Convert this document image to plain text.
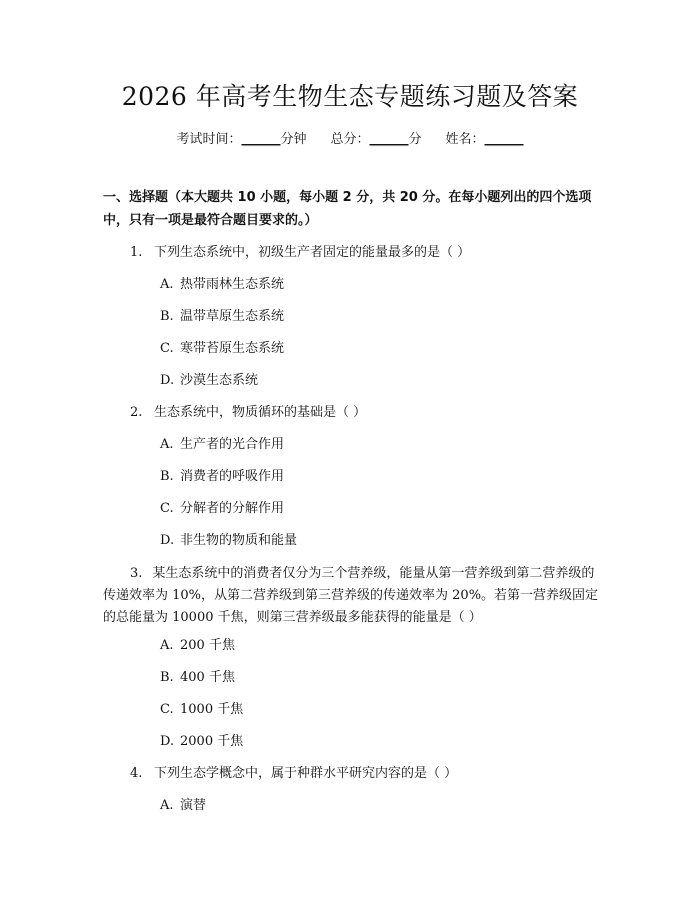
2026 年高考生物生态专题练习题及答案
考试时间：______分钟 总分：______分 姓名：______
一、选择题（本大题共 10 小题，每小题 2 分，共 20 分。在每小题列出的四个选项中，只有一项是最符合题目要求的。）
1. 下列生态系统中，初级生产者固定的能量最多的是（ ）
A. 热带雨林生态系统
B. 温带草原生态系统
C. 寒带苔原生态系统
D. 沙漠生态系统
2. 生态系统中，物质循环的基础是（ ）
A. 生产者的光合作用
B. 消费者的呼吸作用
C. 分解者的分解作用
D. 非生物的物质和能量
3. 某生态系统中的消费者仅分为三个营养级，能量从第一营养级到第二营养级的传递效率为 10%，从第二营养级到第三营养级的传递效率为 20%。若第一营养级固定的总能量为 10000 千焦，则第三营养级最多能获得的能量是（ ）
A. 200 千焦
B. 400 千焦
C. 1000 千焦
D. 2000 千焦
4. 下列生态学概念中，属于种群水平研究内容的是（ ）
A. 演替
